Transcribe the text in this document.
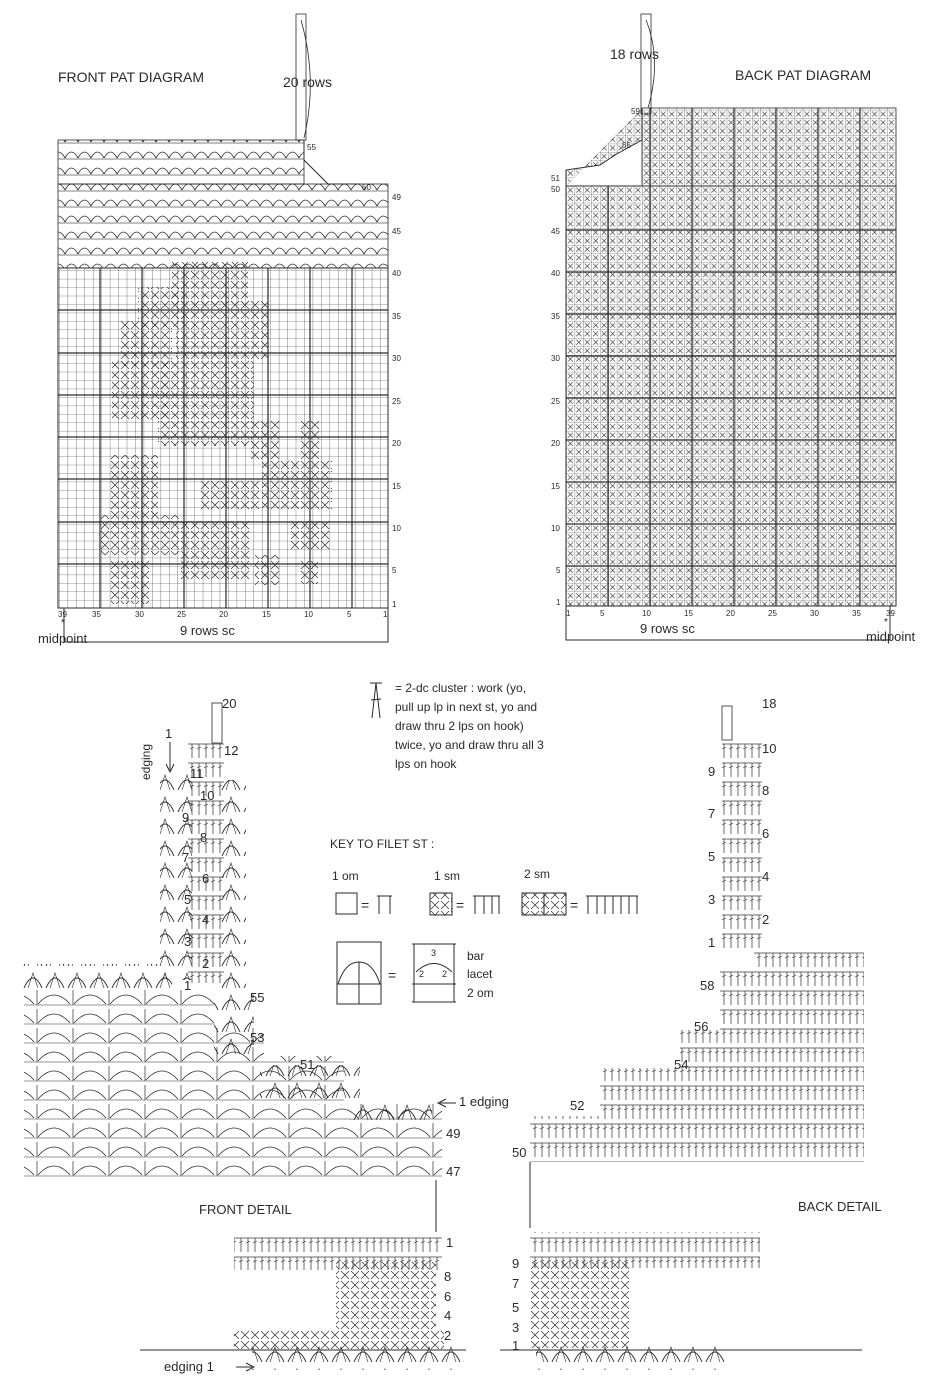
FRONT PAT DIAGRAM	20 rows
1
5
10
15
20
25
30
35
40
45
49
55
50
39	35	30	25	20	15	10	5	1
9 rows sc
midpoint
*
BACK PAT DIAGRAM
18 rows
1
5
10
15
20
25
30
35
40
45
50
51
59
55
1	5	10	15	20	25	30	35	39
9 rows sc
midpoint
*
= 2-dc cluster : work (yo,
pull up lp in next st, yo and
draw thru 2 lps on hook)
twice, yo and draw thru all 3
lps on hook
KEY TO FILET ST :
1 om	1 sm	2 sm
=	=	=
=
3
2 2
bar
lacet
2 om
FRONT DETAIL
20
1
edging	12
11
10
9
8
7
6
5
4
3
2
1
55
53
51
49
47
1
8
6
4
2
1 edging
edging 1
BACK DETAIL
18
10
9
8
7
6
5
4
3
2
1
58
56
54
52
50
9
7
5
3
1
